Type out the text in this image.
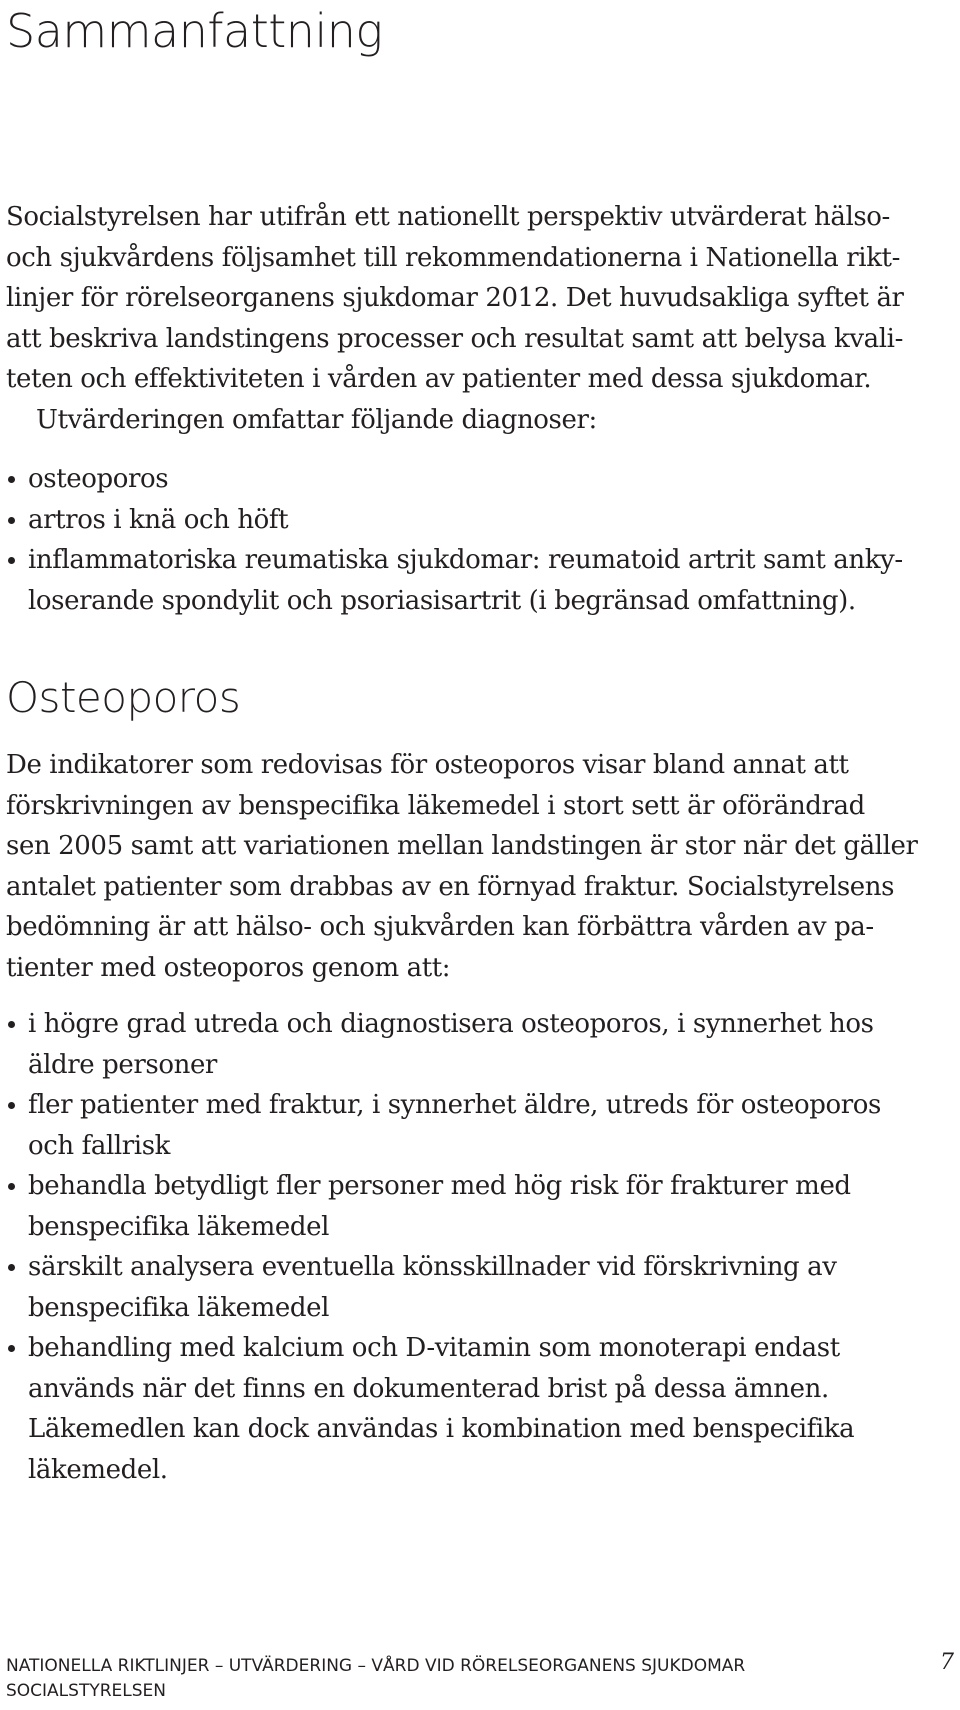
Sammanfattning

Socialstyrelsen har utifrån ett nationellt perspektiv utvärderat hälso-
och sjukvårdens följsamhet till rekommendationerna i Nationella rikt-
linjer för rörelseorganens sjukdomar 2012. Det huvudsakliga syftet är
att beskriva landstingens processer och resultat samt att belysa kvali-
teten och effektiviteten i vården av patienter med dessa sjukdomar.
Utvärderingen omfattar följande diagnoser:

osteoporos
artros i knä och höft
inflammatoriska reumatiska sjukdomar: reumatoid artrit samt anky-
loserande spondylit och psoriasisartrit (i begränsad omfattning).
Osteoporos

De indikatorer som redovisas för osteoporos visar bland annat att
förskrivningen av benspecifika läkemedel i stort sett är oförändrad
sen 2005 samt att variationen mellan landstingen är stor när det gäller
antalet patienter som drabbas av en förnyad fraktur. Socialstyrelsens
bedömning är att hälso- och sjukvården kan förbättra vården av pa-
tienter med osteoporos genom att:

i högre grad utreda och diagnostisera osteoporos, i synnerhet hos
äldre personer
fler patienter med fraktur, i synnerhet äldre, utreds för osteoporos
och fallrisk
behandla betydligt fler personer med hög risk för frakturer med
benspecifika läkemedel
särskilt analysera eventuella könsskillnader vid förskrivning av
benspecifika läkemedel
behandling med kalcium och D-vitamin som monoterapi endast
används när det finns en dokumenterad brist på dessa ämnen.
Läkemedlen kan dock användas i kombination med benspecifika
läkemedel.
NATIONELLA RIKTLINJER – UTVÄRDERING – VÅRD VID RÖRELSEORGANENS SJUKDOMAR
SOCIALSTYRELSEN
7
